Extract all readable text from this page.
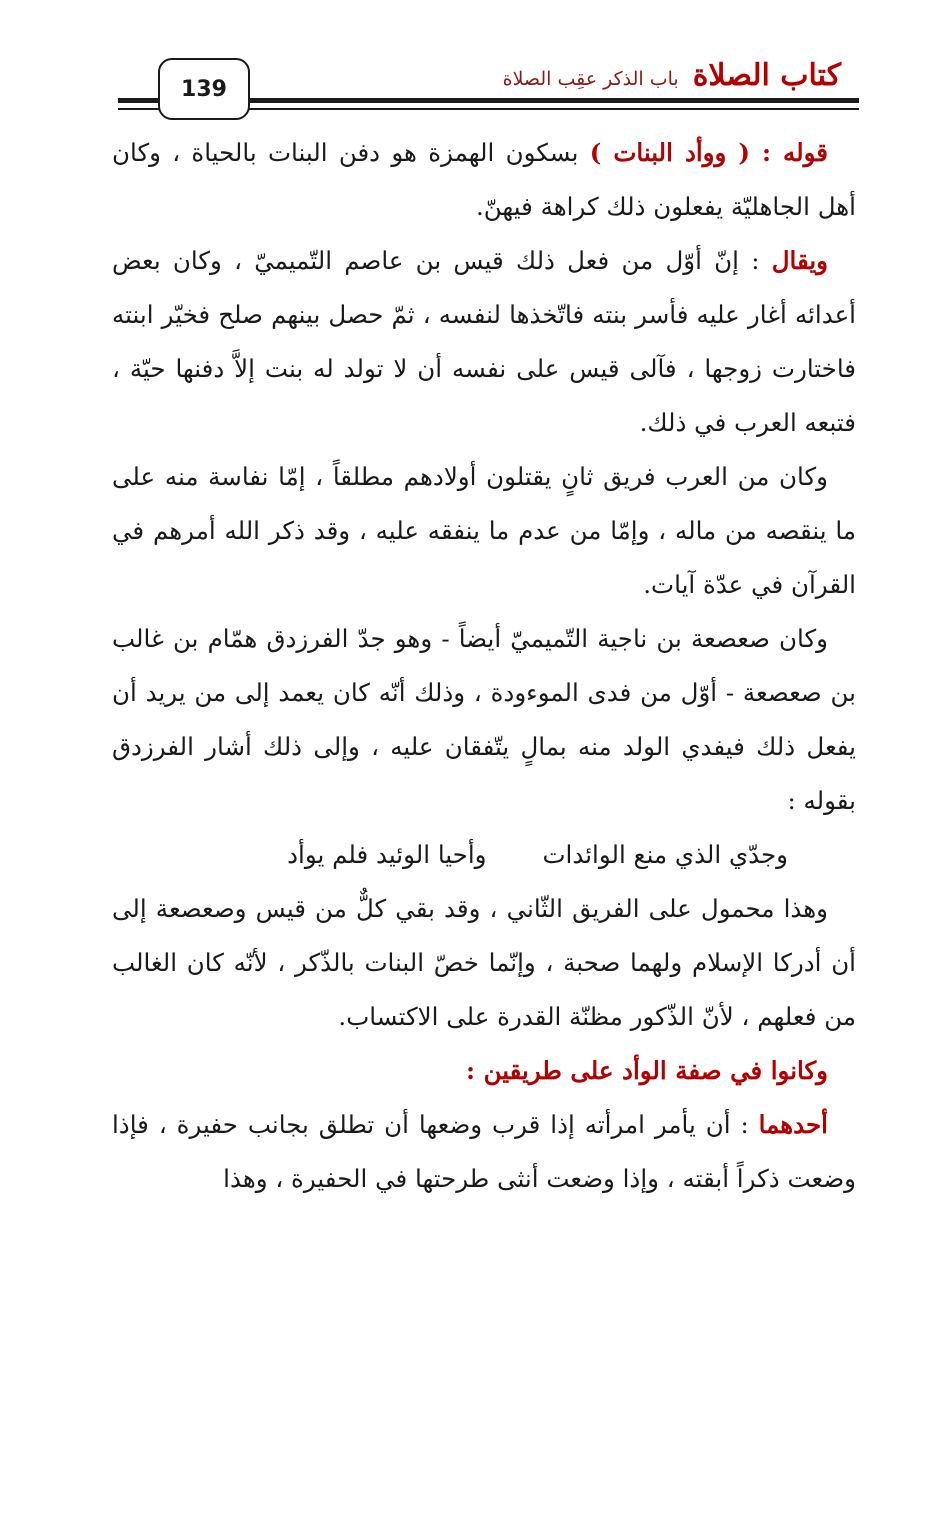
كتاب الصلاة
باب الذكر عقِب الصلاة
139

قوله : ( ووأد البنات ) بسكون الهمزة هو دفن البنات بالحياة ، وكان أهل الجاهليّة يفعلون ذلك كراهة فيهنّ.

ويقال : إنّ أوّل من فعل ذلك قيس بن عاصم التّميميّ ، وكان بعض أعدائه أغار عليه فأسر بنته فاتّخذها لنفسه ، ثمّ حصل بينهم صلح فخيّر ابنته فاختارت زوجها ، فآلى قيس على نفسه أن لا تولد له بنت إلاَّ دفنها حيّة ، فتبعه العرب في ذلك.

وكان من العرب فريق ثانٍ يقتلون أولادهم مطلقاً ، إمّا نفاسة منه على ما ينقصه من ماله ، وإمّا من عدم ما ينفقه عليه ، وقد ذكر الله أمرهم في القرآن في عدّة آيات.

وكان صعصعة بن ناجية التّميميّ أيضاً - وهو جدّ الفرزدق همّام بن غالب بن صعصعة - أوّل من فدى الموءودة ، وذلك أنّه كان يعمد إلى من يريد أن يفعل ذلك فيفدي الولد منه بمالٍ يتّفقان عليه ، وإلى ذلك أشار الفرزدق بقوله :

وجدّي الذي منع الوائدات
وأحيا الوئيد فلم يوأد

وهذا محمول على الفريق الثّاني ، وقد بقي كلٌّ من قيس وصعصعة إلى أن أدركا الإسلام ولهما صحبة ، وإنّما خصّ البنات بالذّكر ، لأنّه كان الغالب من فعلهم ، لأنّ الذّكور مظنّة القدرة على الاكتساب.

وكانوا في صفة الوأد على طريقين :

أحدهما : أن يأمر امرأته إذا قرب وضعها أن تطلق بجانب حفيرة ، فإذا وضعت ذكراً أبقته ، وإذا وضعت أنثى طرحتها في الحفيرة ، وهذا
